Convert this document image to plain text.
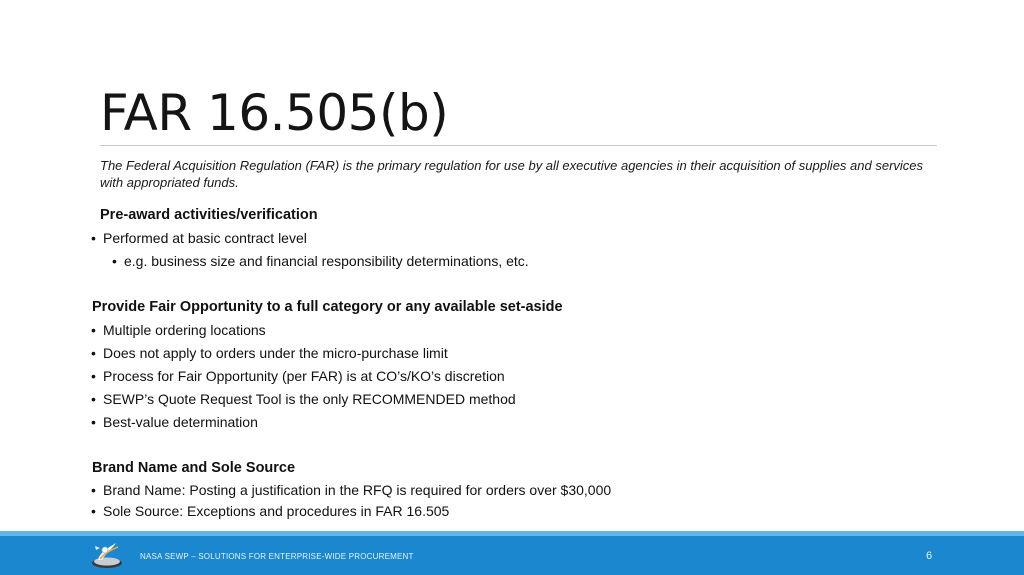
FAR 16.505(b)
The Federal Acquisition Regulation (FAR) is the primary regulation for use by all executive agencies in their acquisition of supplies and services with appropriated funds.
Pre-award activities/verification
• Performed at basic contract level
• e.g. business size and financial responsibility determinations, etc.
Provide Fair Opportunity to a full category or any available set-aside
• Multiple ordering locations
• Does not apply to orders under the micro-purchase limit
• Process for Fair Opportunity (per FAR) is at CO’s/KO’s discretion
• SEWP’s Quote Request Tool is the only RECOMMENDED method
• Best-value determination
Brand Name and Sole Source
• Brand Name: Posting a justification in the RFQ is required for orders over $30,000
• Sole Source: Exceptions and procedures in FAR 16.505
NASA SEWP – SOLUTIONS FOR ENTERPRISE-WIDE PROCUREMENT	6
